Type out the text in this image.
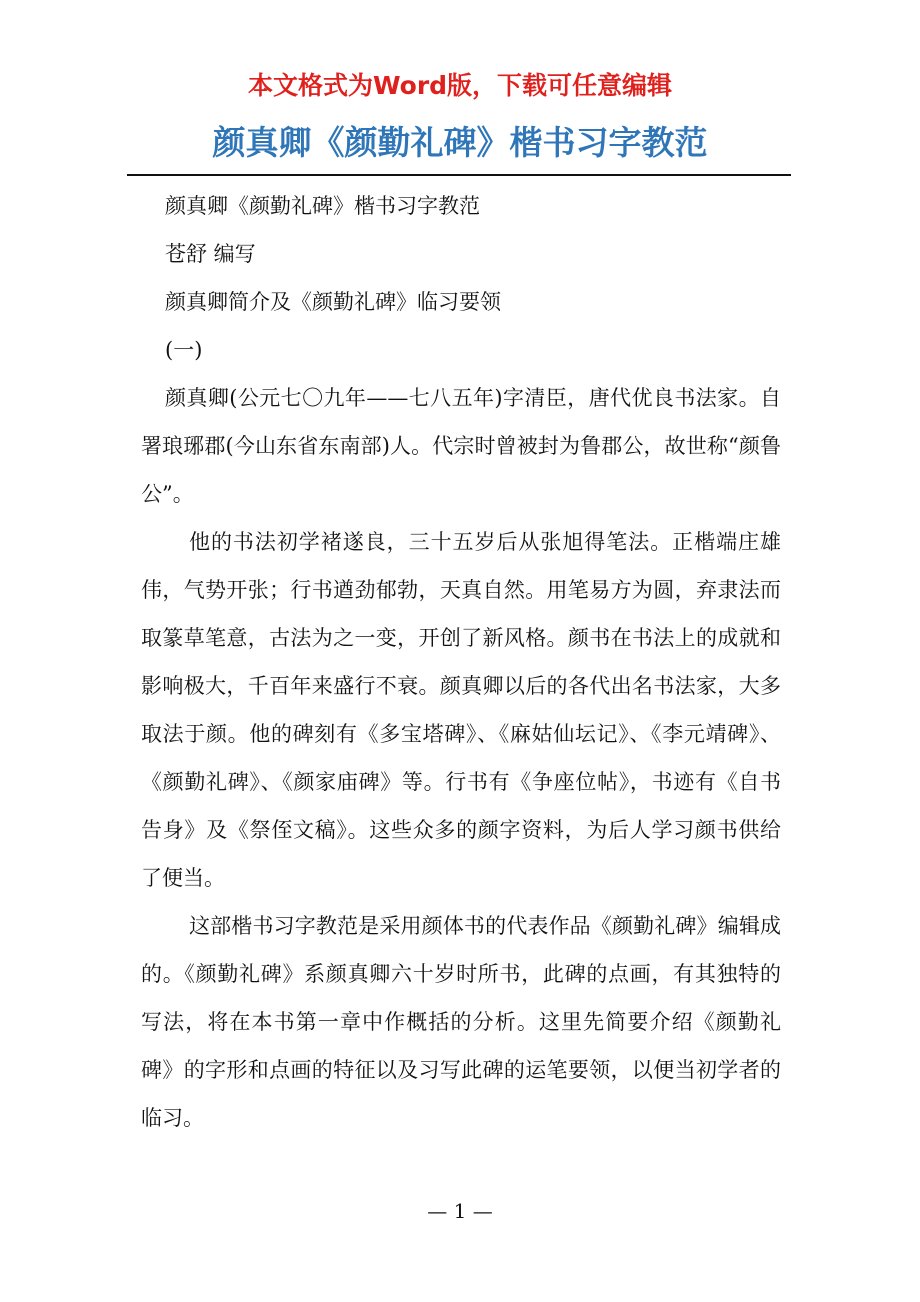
本文格式为Word版，下载可任意编辑
颜真卿《颜勤礼碑》楷书习字教范

颜真卿《颜勤礼碑》楷书习字教范

苍舒 编写

颜真卿简介及《颜勤礼碑》临习要领

(一)

颜真卿(公元七〇九年——七八五年)字清臣，唐代优良书法家。自署琅琊郡(今山东省东南部)人。代宗时曾被封为鲁郡公，故世称“颜鲁公”。

他的书法初学褚遂良，三十五岁后从张旭得笔法。正楷端庄雄伟，气势开张；行书遒劲郁勃，天真自然。用笔易方为圆，弃隶法而取篆草笔意，古法为之一变，开创了新风格。颜书在书法上的成就和影响极大，千百年来盛行不衰。颜真卿以后的各代出名书法家，大多取法于颜。他的碑刻有《多宝塔碑》、《麻姑仙坛记》、《李元靖碑》、《颜勤礼碑》、《颜家庙碑》等。行书有《争座位帖》，书迹有《自书告身》及《祭侄文稿》。这些众多的颜字资料，为后人学习颜书供给了便当。

这部楷书习字教范是采用颜体书的代表作品《颜勤礼碑》编辑成的。《颜勤礼碑》系颜真卿六十岁时所书，此碑的点画，有其独特的写法，将在本书第一章中作概括的分析。这里先简要介绍《颜勤礼碑》的字形和点画的特征以及习写此碑的运笔要领，以便当初学者的临习。

— 1 —
